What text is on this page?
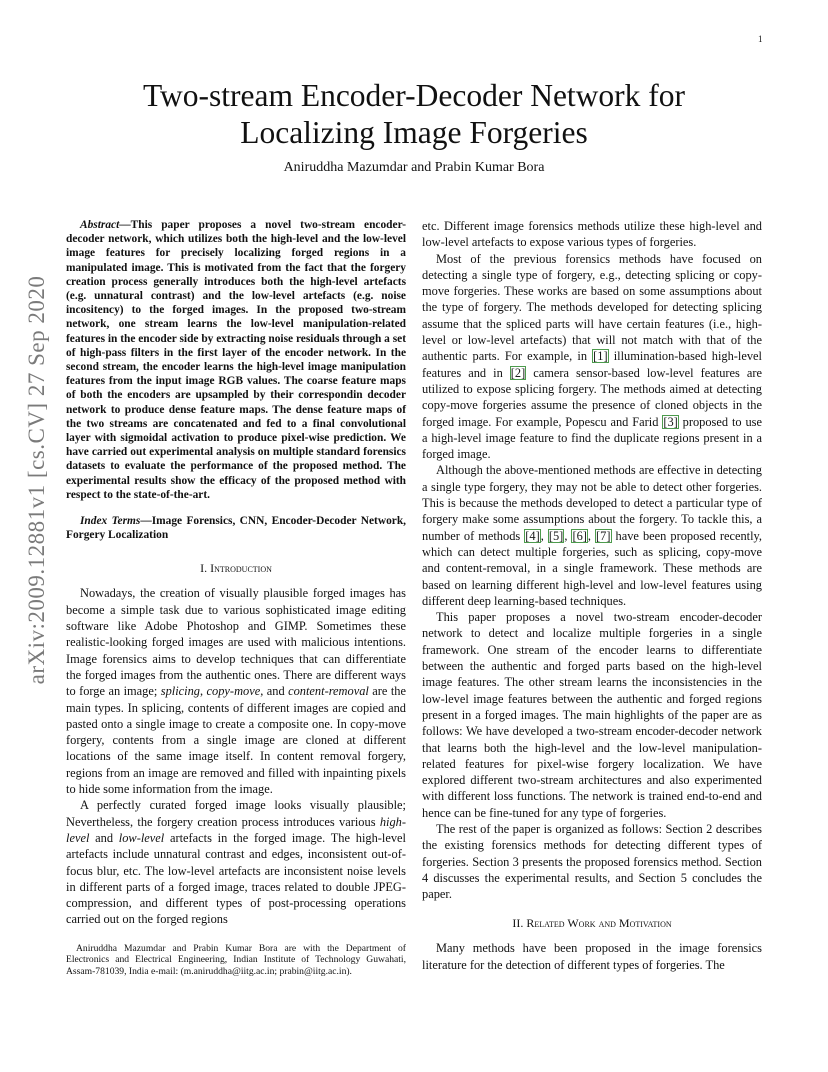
1
arXiv:2009.12881v1 [cs.CV] 27 Sep 2020
Two-stream Encoder-Decoder Network for
Localizing Image Forgeries
Aniruddha Mazumdar and Prabin Kumar Bora

Abstract—This paper proposes a novel two-stream encoder-decoder network, which utilizes both the high-level and the low-level image features for precisely localizing forged regions in a manipulated image. This is motivated from the fact that the forgery creation process generally introduces both the high-level artefacts (e.g. unnatural contrast) and the low-level artefacts (e.g. noise incositency) to the forged images. In the proposed two-stream network, one stream learns the low-level manipulation-related features in the encoder side by extracting noise residuals through a set of high-pass filters in the first layer of the encoder network. In the second stream, the encoder learns the high-level image manipulation features from the input image RGB values. The coarse feature maps of both the encoders are upsampled by their correspondin decoder network to produce dense feature maps. The dense feature maps of the two streams are concatenated and fed to a final convolutional layer with sigmoidal activation to produce pixel-wise prediction. We have carried out experimental analysis on multiple standard forensics datasets to evaluate the performance of the proposed method. The experimental results show the efficacy of the proposed method with respect to the state-of-the-art.

Index Terms—Image Forensics, CNN, Encoder-Decoder Network, Forgery Localization

I. Introduction

Nowadays, the creation of visually plausible forged images has become a simple task due to various sophisticated image editing software like Adobe Photoshop and GIMP. Sometimes these realistic-looking forged images are used with malicious intentions. Image forensics aims to develop techniques that can differentiate the forged images from the authentic ones. There are different ways to forge an image; splicing, copy-move, and content-removal are the main types. In splicing, contents of different images are copied and pasted onto a single image to create a composite one. In copy-move forgery, contents from a single image are cloned at different locations of the same image itself. In content removal forgery, regions from an image are removed and filled with inpainting pixels to hide some information from the image.

A perfectly curated forged image looks visually plausible; Nevertheless, the forgery creation process introduces various high-level and low-level artefacts in the forged image. The high-level artefacts include unnatural contrast and edges, inconsistent out-of-focus blur, etc. The low-level artefacts are inconsistent noise levels in different parts of a forged image, traces related to double JPEG-compression, and different types of post-processing operations carried out on the forged regions

Aniruddha Mazumdar and Prabin Kumar Bora are with the Department of Electronics and Electrical Engineering, Indian Institute of Technology Guwahati, Assam-781039, India e-mail: (m.aniruddha@iitg.ac.in; prabin@iitg.ac.in).

etc. Different image forensics methods utilize these high-level and low-level artefacts to expose various types of forgeries.

Most of the previous forensics methods have focused on detecting a single type of forgery, e.g., detecting splicing or copy-move forgeries. These works are based on some assumptions about the type of forgery. The methods developed for detecting splicing assume that the spliced parts will have certain features (i.e., high-level or low-level artefacts) that will not match with that of the authentic parts. For example, in [1] illumination-based high-level features and in [2] camera sensor-based low-level features are utilized to expose splicing forgery. The methods aimed at detecting copy-move forgeries assume the presence of cloned objects in the forged image. For example, Popescu and Farid [3] proposed to use a high-level image feature to find the duplicate regions present in a forged image.

Although the above-mentioned methods are effective in detecting a single type forgery, they may not be able to detect other forgeries. This is because the methods developed to detect a particular type of forgery make some assumptions about the forgery. To tackle this, a number of methods [4], [5], [6], [7] have been proposed recently, which can detect multiple forgeries, such as splicing, copy-move and content-removal, in a single framework. These methods are based on learning different high-level and low-level features using different deep learning-based techniques.

This paper proposes a novel two-stream encoder-decoder network to detect and localize multiple forgeries in a single framework. One stream of the encoder learns to differentiate between the authentic and forged parts based on the high-level image features. The other stream learns the inconsistencies in the low-level image features between the authentic and forged regions present in a forged images. The main highlights of the paper are as follows: We have developed a two-stream encoder-decoder network that learns both the high-level and the low-level manipulation-related features for pixel-wise forgery localization. We have explored different two-stream architectures and also experimented with different loss functions. The network is trained end-to-end and hence can be fine-tuned for any type of forgeries.

The rest of the paper is organized as follows: Section 2 describes the existing forensics methods for detecting different types of forgeries. Section 3 presents the proposed forensics method. Section 4 discusses the experimental results, and Section 5 concludes the paper.

II. Related Work and Motivation

Many methods have been proposed in the image forensics literature for the detection of different types of forgeries. The
